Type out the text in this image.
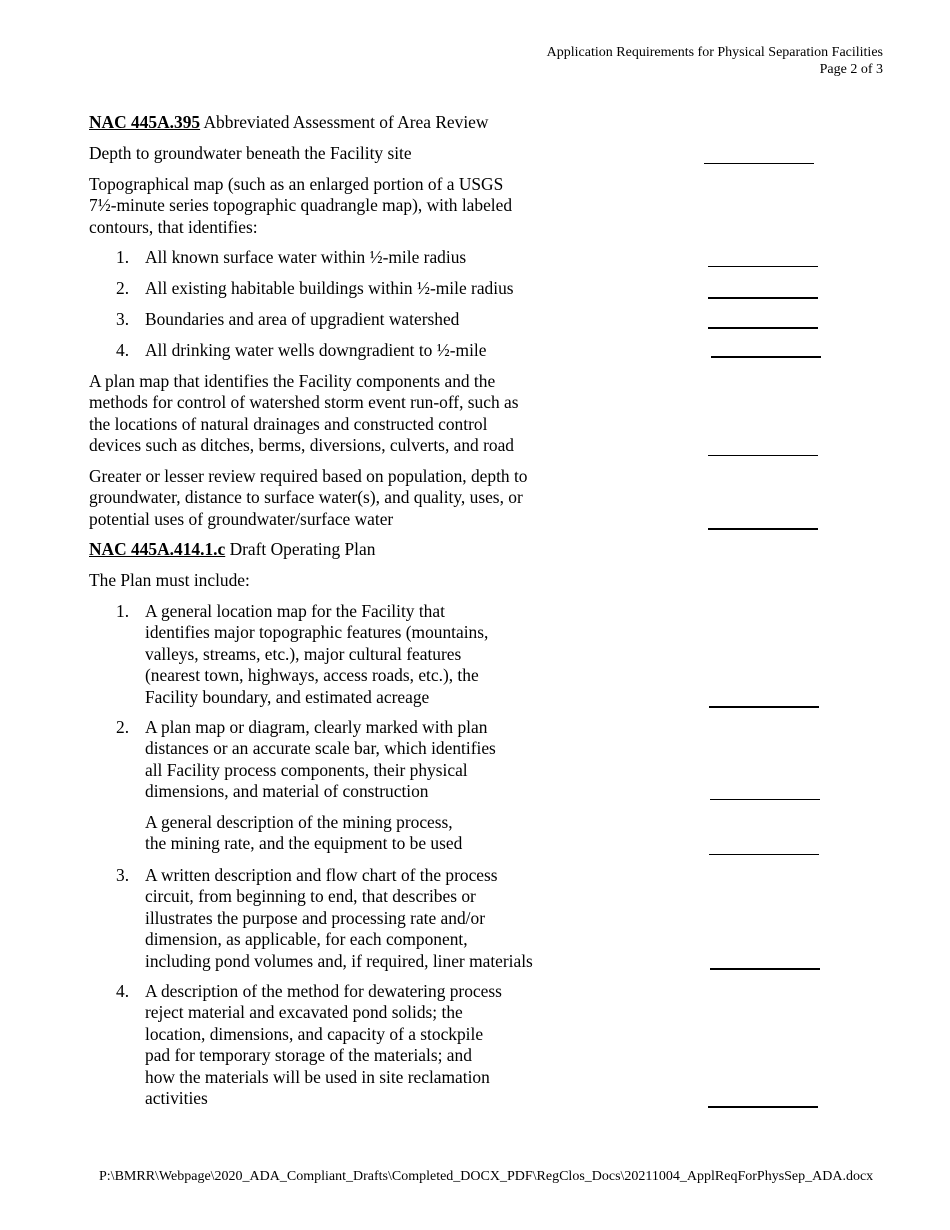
Application Requirements for Physical Separation Facilities
Page 2 of 3
NAC 445A.395 Abbreviated Assessment of Area Review
Depth to groundwater beneath the Facility site
Topographical map (such as an enlarged portion of a USGS
7½-minute series topographic quadrangle map), with labeled
contours, that identifies:
1. All known surface water within ½-mile radius
2. All existing habitable buildings within ½-mile radius
3. Boundaries and area of upgradient watershed
4. All drinking water wells downgradient to ½-mile
A plan map that identifies the Facility components and the
methods for control of watershed storm event run-off, such as
the locations of natural drainages and constructed control
devices such as ditches, berms, diversions, culverts, and road
Greater or lesser review required based on population, depth to
groundwater, distance to surface water(s), and quality, uses, or
potential uses of groundwater/surface water
NAC 445A.414.1.c Draft Operating Plan
The Plan must include:
1. A general location map for the Facility that
identifies major topographic features (mountains,
valleys, streams, etc.), major cultural features
(nearest town, highways, access roads, etc.), the
Facility boundary, and estimated acreage
2. A plan map or diagram, clearly marked with plan
distances or an accurate scale bar, which identifies
all Facility process components, their physical
dimensions, and material of construction
A general description of the mining process,
the mining rate, and the equipment to be used
3. A written description and flow chart of the process
circuit, from beginning to end, that describes or
illustrates the purpose and processing rate and/or
dimension, as applicable, for each component,
including pond volumes and, if required, liner materials
4. A description of the method for dewatering process
reject material and excavated pond solids; the
location, dimensions, and capacity of a stockpile
pad for temporary storage of the materials; and
how the materials will be used in site reclamation
activities
P:\BMRR\Webpage\2020_ADA_Compliant_Drafts\Completed_DOCX_PDF\RegClos_Docs\20211004_ApplReqForPhysSep_ADA.docx
